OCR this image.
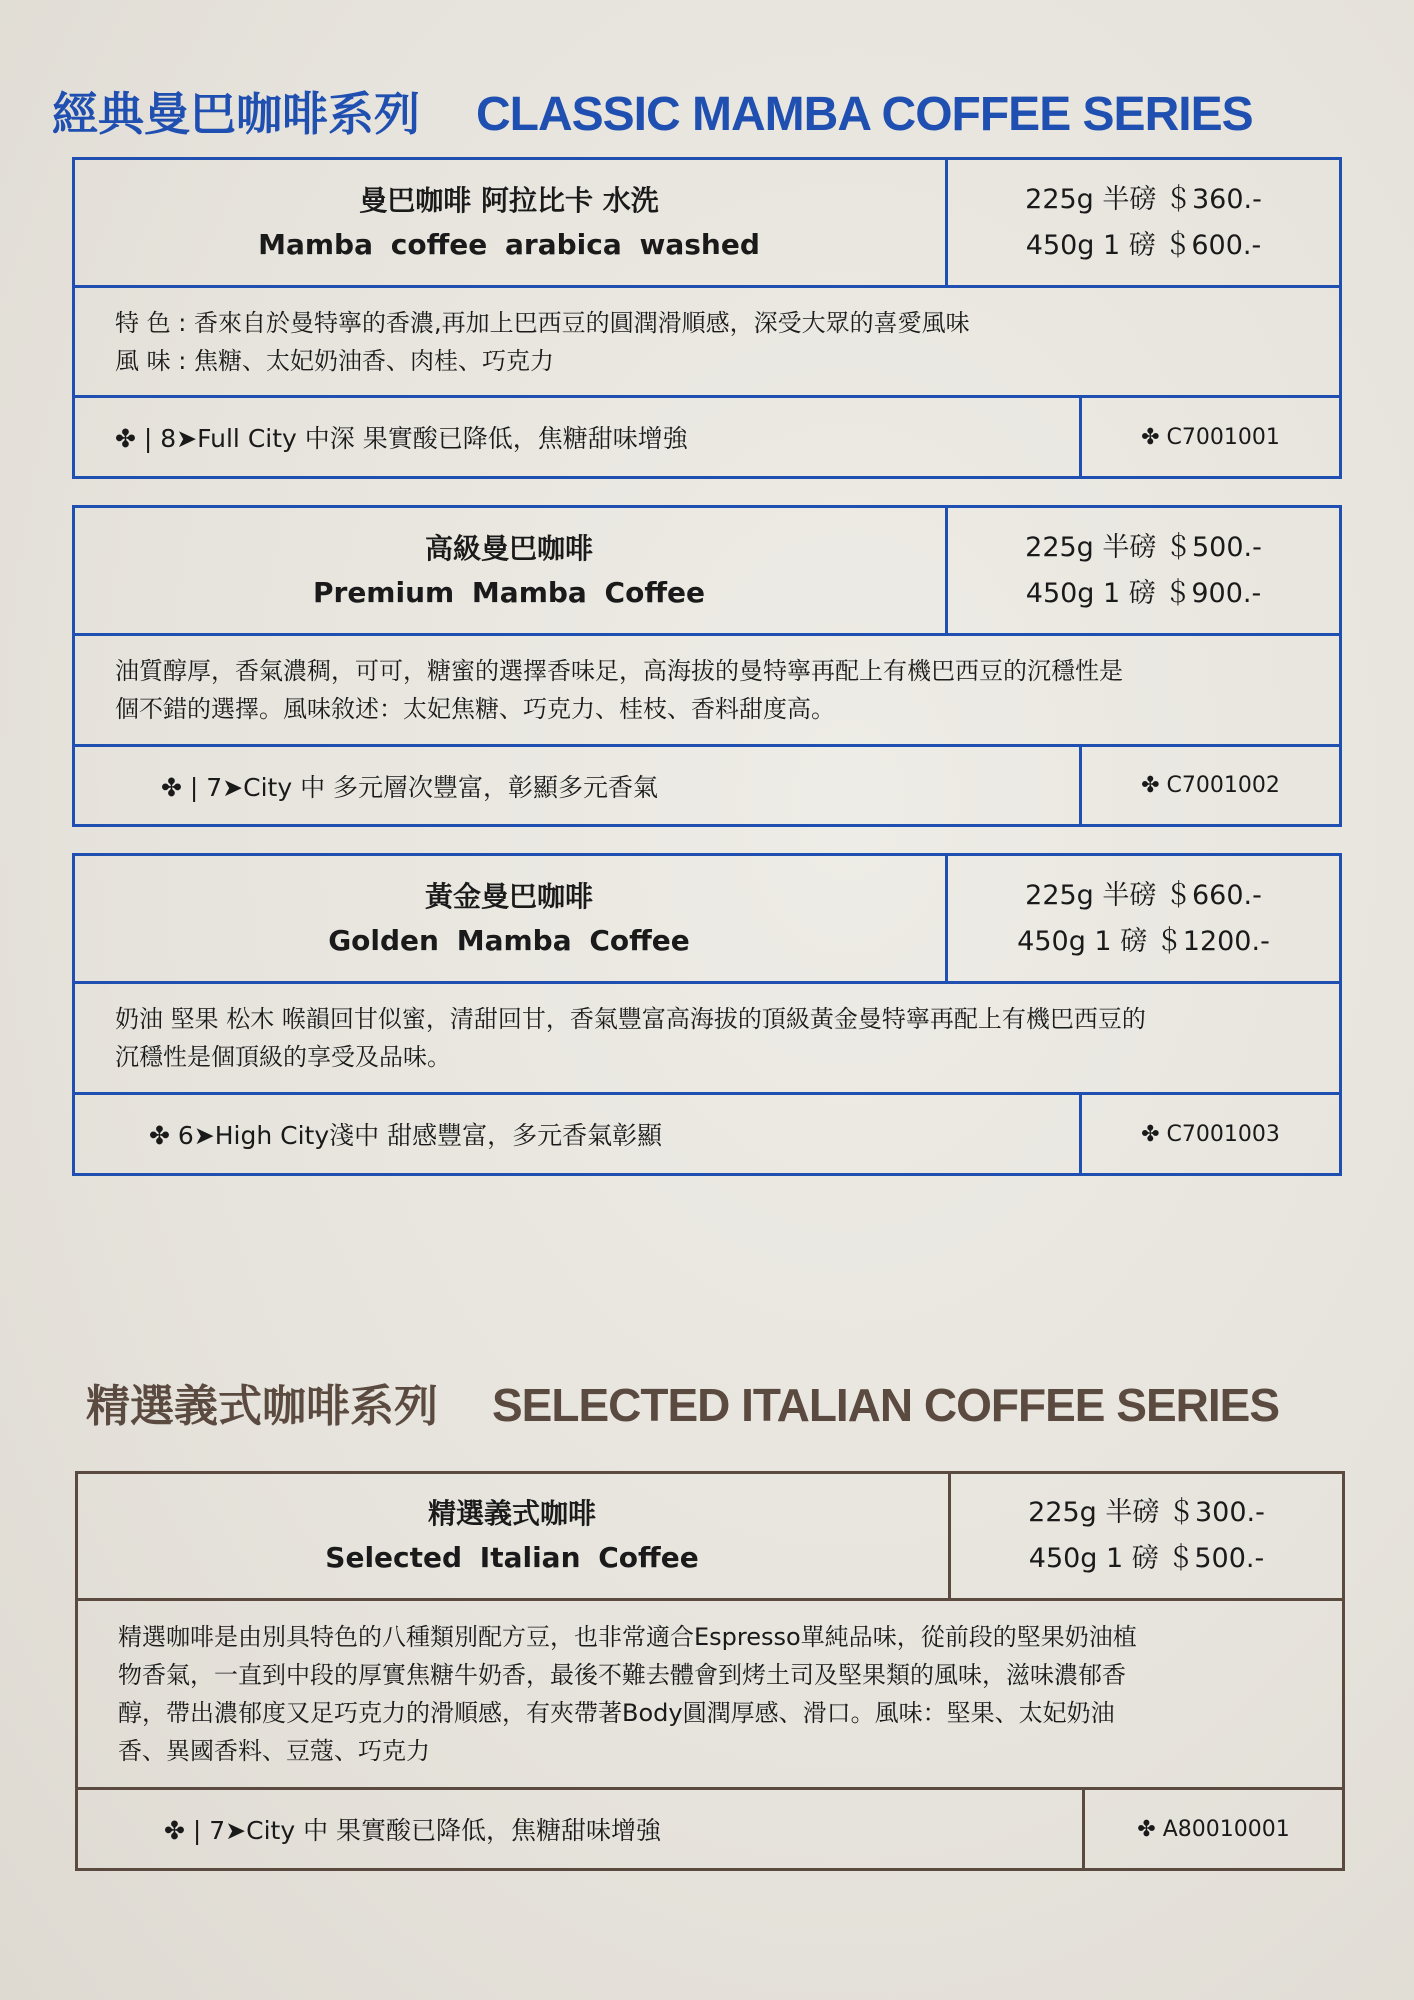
經典曼巴咖啡系列 CLASSIC MAMBA COFFEE SERIES
曼巴咖啡 阿拉比卡 水洗
Mamba coffee arabica washed
225g 半磅 ＄360.-
450g 1 磅 ＄600.-
特 色 : 香來自於曼特寧的香濃,再加上巴西豆的圓潤滑順感，深受大眾的喜愛風味
風 味 : 焦糖、太妃奶油香、肉桂、巧克力
✤ | 8➤Full City 中深 果實酸已降低，焦糖甜味增強	✤ C7001001
高級曼巴咖啡
Premium Mamba Coffee
225g 半磅 ＄500.-
450g 1 磅 ＄900.-
油質醇厚，香氣濃稠，可可，糖蜜的選擇香味足，高海拔的曼特寧再配上有機巴西豆的沉穩性是
個不錯的選擇。風味敘述：太妃焦糖、巧克力、桂枝、香料甜度高。
✤ | 7➤City 中 多元層次豐富，彰顯多元香氣	✤ C7001002
黃金曼巴咖啡
Golden Mamba Coffee
225g 半磅 ＄660.-
450g 1 磅 ＄1200.-
奶油 堅果 松木 喉韻回甘似蜜，清甜回甘，香氣豐富高海拔的頂級黃金曼特寧再配上有機巴西豆的
沉穩性是個頂級的享受及品味。
✤ 6➤High City淺中 甜感豐富，多元香氣彰顯	✤ C7001003
精選義式咖啡系列 SELECTED ITALIAN COFFEE SERIES
精選義式咖啡
Selected Italian Coffee
225g 半磅 ＄300.-
450g 1 磅 ＄500.-
精選咖啡是由別具特色的八種類別配方豆，也非常適合Espresso單純品味，從前段的堅果奶油植
物香氣，一直到中段的厚實焦糖牛奶香，最後不難去體會到烤土司及堅果類的風味，滋味濃郁香
醇，帶出濃郁度又足巧克力的滑順感，有夾帶著Body圓潤厚感、滑口。風味：堅果、太妃奶油
香、異國香料、豆蔻、巧克力
✤ | 7➤City 中 果實酸已降低，焦糖甜味增強	✤ A80010001
